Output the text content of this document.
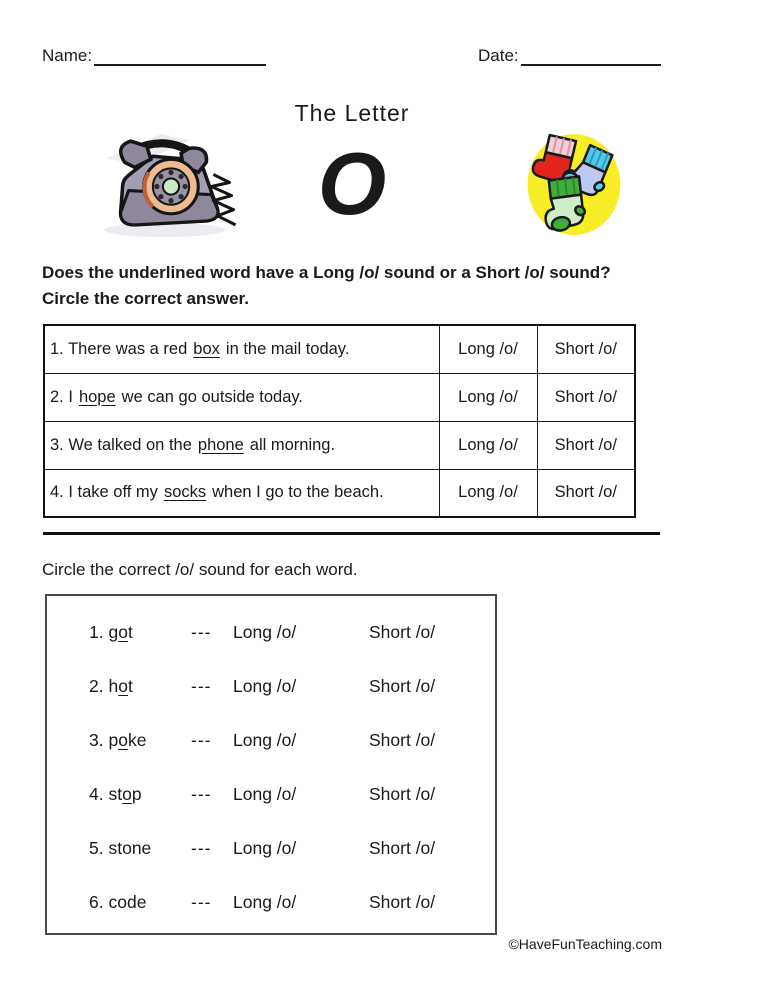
Name:	Date:
The Letter
O
Does the underlined word have a Long /o/ sound or a Short /o/ sound? Circle the correct answer.
1. There was a red box in the mail today.	Long /o/	Short /o/
2. I hope we can go outside today.	Long /o/	Short /o/
3. We talked on the phone all morning.	Long /o/	Short /o/
4. I take off my socks when I go to the beach.	Long /o/	Short /o/
Circle the correct /o/ sound for each word.
1. got	---	Long /o/	Short /o/
2. hot	---	Long /o/	Short /o/
3. poke	---	Long /o/	Short /o/
4. stop	---	Long /o/	Short /o/
5. stone	---	Long /o/	Short /o/
6. code	---	Long /o/	Short /o/
©HaveFunTeaching.com
